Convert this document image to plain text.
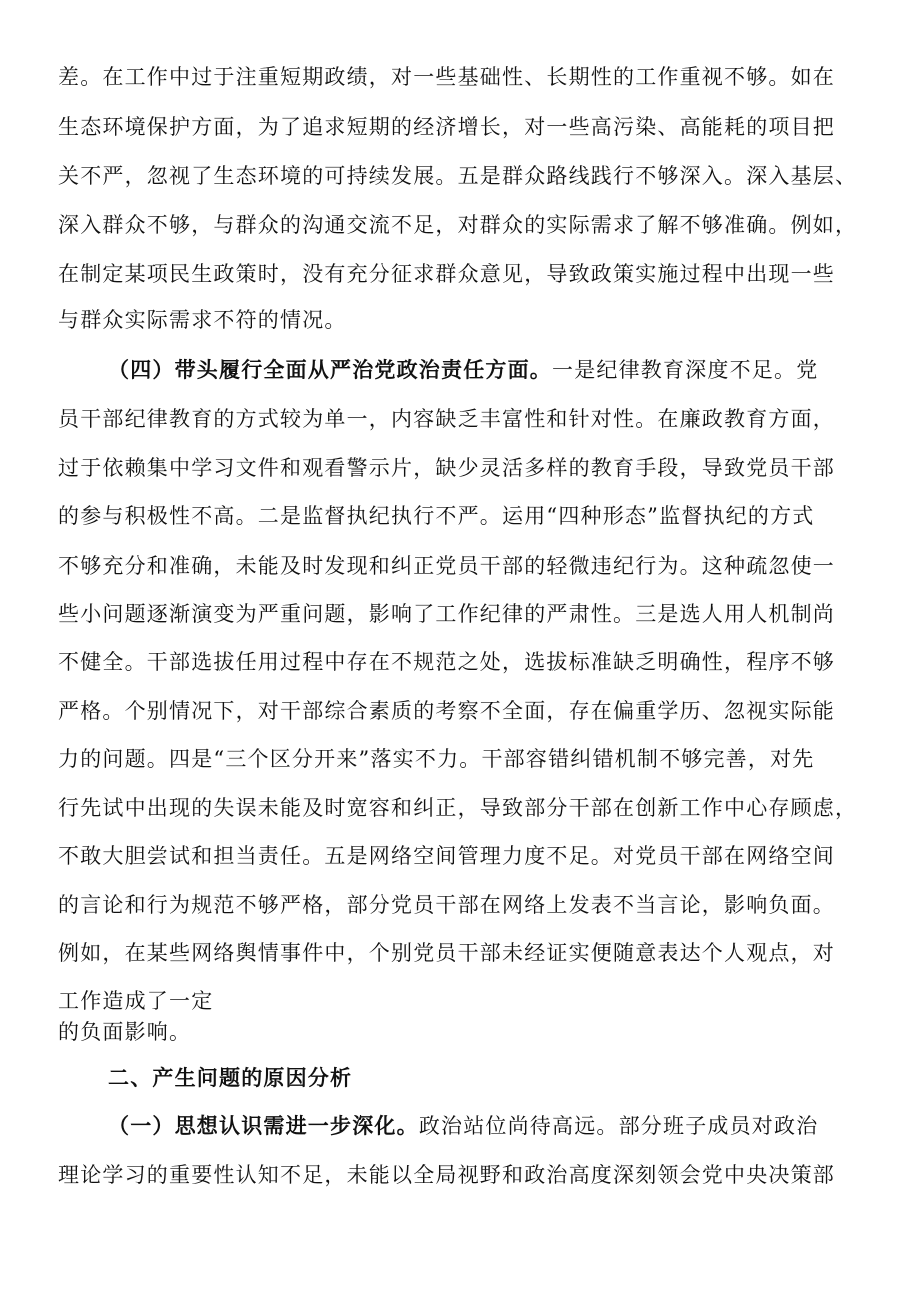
差。在工作中过于注重短期政绩，对一些基础性、长期性的工作重视不够。如在
生态环境保护方面，为了追求短期的经济增长，对一些高污染、高能耗的项目把
关不严，忽视了生态环境的可持续发展。五是群众路线践行不够深入。深入基层、
深入群众不够，与群众的沟通交流不足，对群众的实际需求了解不够准确。例如，
在制定某项民生政策时，没有充分征求群众意见，导致政策实施过程中出现一些
与群众实际需求不符的情况。
（四）带头履行全面从严治党政治责任方面。一是纪律教育深度不足。党
员干部纪律教育的方式较为单一，内容缺乏丰富性和针对性。在廉政教育方面，
过于依赖集中学习文件和观看警示片，缺少灵活多样的教育手段，导致党员干部
的参与积极性不高。二是监督执纪执行不严。运用“四种形态”监督执纪的方式
不够充分和准确，未能及时发现和纠正党员干部的轻微违纪行为。这种疏忽使一
些小问题逐渐演变为严重问题，影响了工作纪律的严肃性。三是选人用人机制尚
不健全。干部选拔任用过程中存在不规范之处，选拔标准缺乏明确性，程序不够
严格。个别情况下，对干部综合素质的考察不全面，存在偏重学历、忽视实际能
力的问题。四是“三个区分开来”落实不力。干部容错纠错机制不够完善，对先
行先试中出现的失误未能及时宽容和纠正，导致部分干部在创新工作中心存顾虑，
不敢大胆尝试和担当责任。五是网络空间管理力度不足。对党员干部在网络空间
的言论和行为规范不够严格，部分党员干部在网络上发表不当言论，影响负面。
例如，在某些网络舆情事件中，个别党员干部未经证实便随意表达个人观点，对
工作造成了一定
的负面影响。
二、产生问题的原因分析
（一）思想认识需进一步深化。政治站位尚待高远。部分班子成员对政治
理论学习的重要性认知不足，未能以全局视野和政治高度深刻领会党中央决策部
